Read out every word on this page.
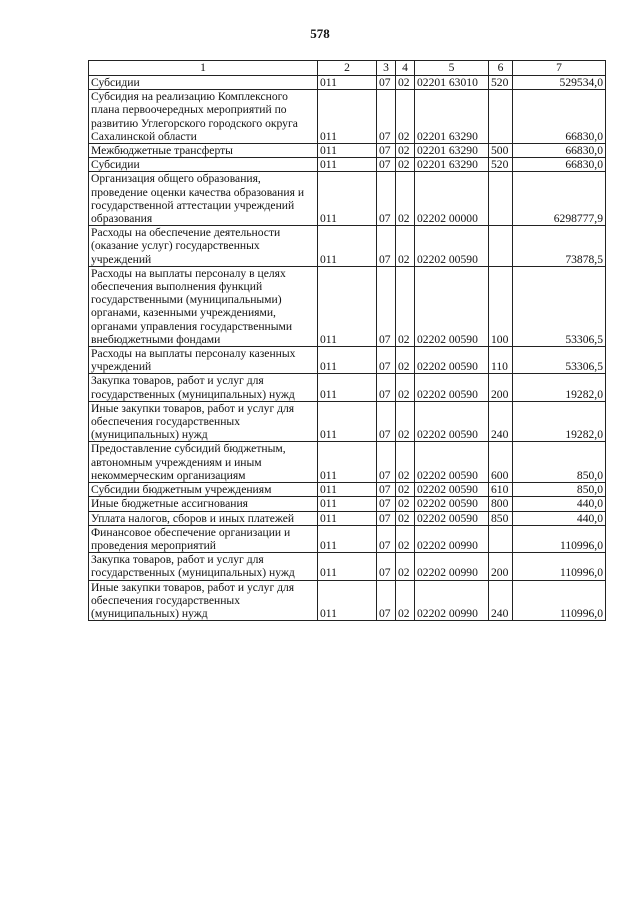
578
1	2	3	4	5	6	7
Субсидии	011	07	02	02201 63010	520	529534,0
Субсидия на реализацию Комплексного плана первоочередных мероприятий по развитию Углегорского городского округа Сахалинской области	011	07	02	02201 63290		66830,0
Межбюджетные трансферты	011	07	02	02201 63290	500	66830,0
Субсидии	011	07	02	02201 63290	520	66830,0
Организация общего образования, проведение оценки качества образования и государственной аттестации учреждений образования	011	07	02	02202 00000		6298777,9
Расходы на обеспечение деятельности (оказание услуг) государственных учреждений	011	07	02	02202 00590		73878,5
Расходы на выплаты персоналу в целях обеспечения выполнения функций государственными (муниципальными) органами, казенными учреждениями, органами управления государственными внебюджетными фондами	011	07	02	02202 00590	100	53306,5
Расходы на выплаты персоналу казенных учреждений	011	07	02	02202 00590	110	53306,5
Закупка товаров, работ и услуг для государственных (муниципальных) нужд	011	07	02	02202 00590	200	19282,0
Иные закупки товаров, работ и услуг для обеспечения государственных (муниципальных) нужд	011	07	02	02202 00590	240	19282,0
Предоставление субсидий бюджетным, автономным учреждениям и иным некоммерческим организациям	011	07	02	02202 00590	600	850,0
Субсидии бюджетным учреждениям	011	07	02	02202 00590	610	850,0
Иные бюджетные ассигнования	011	07	02	02202 00590	800	440,0
Уплата налогов, сборов и иных платежей	011	07	02	02202 00590	850	440,0
Финансовое обеспечение организации и проведения мероприятий	011	07	02	02202 00990		110996,0
Закупка товаров, работ и услуг для государственных (муниципальных) нужд	011	07	02	02202 00990	200	110996,0
Иные закупки товаров, работ и услуг для обеспечения государственных (муниципальных) нужд	011	07	02	02202 00990	240	110996,0
